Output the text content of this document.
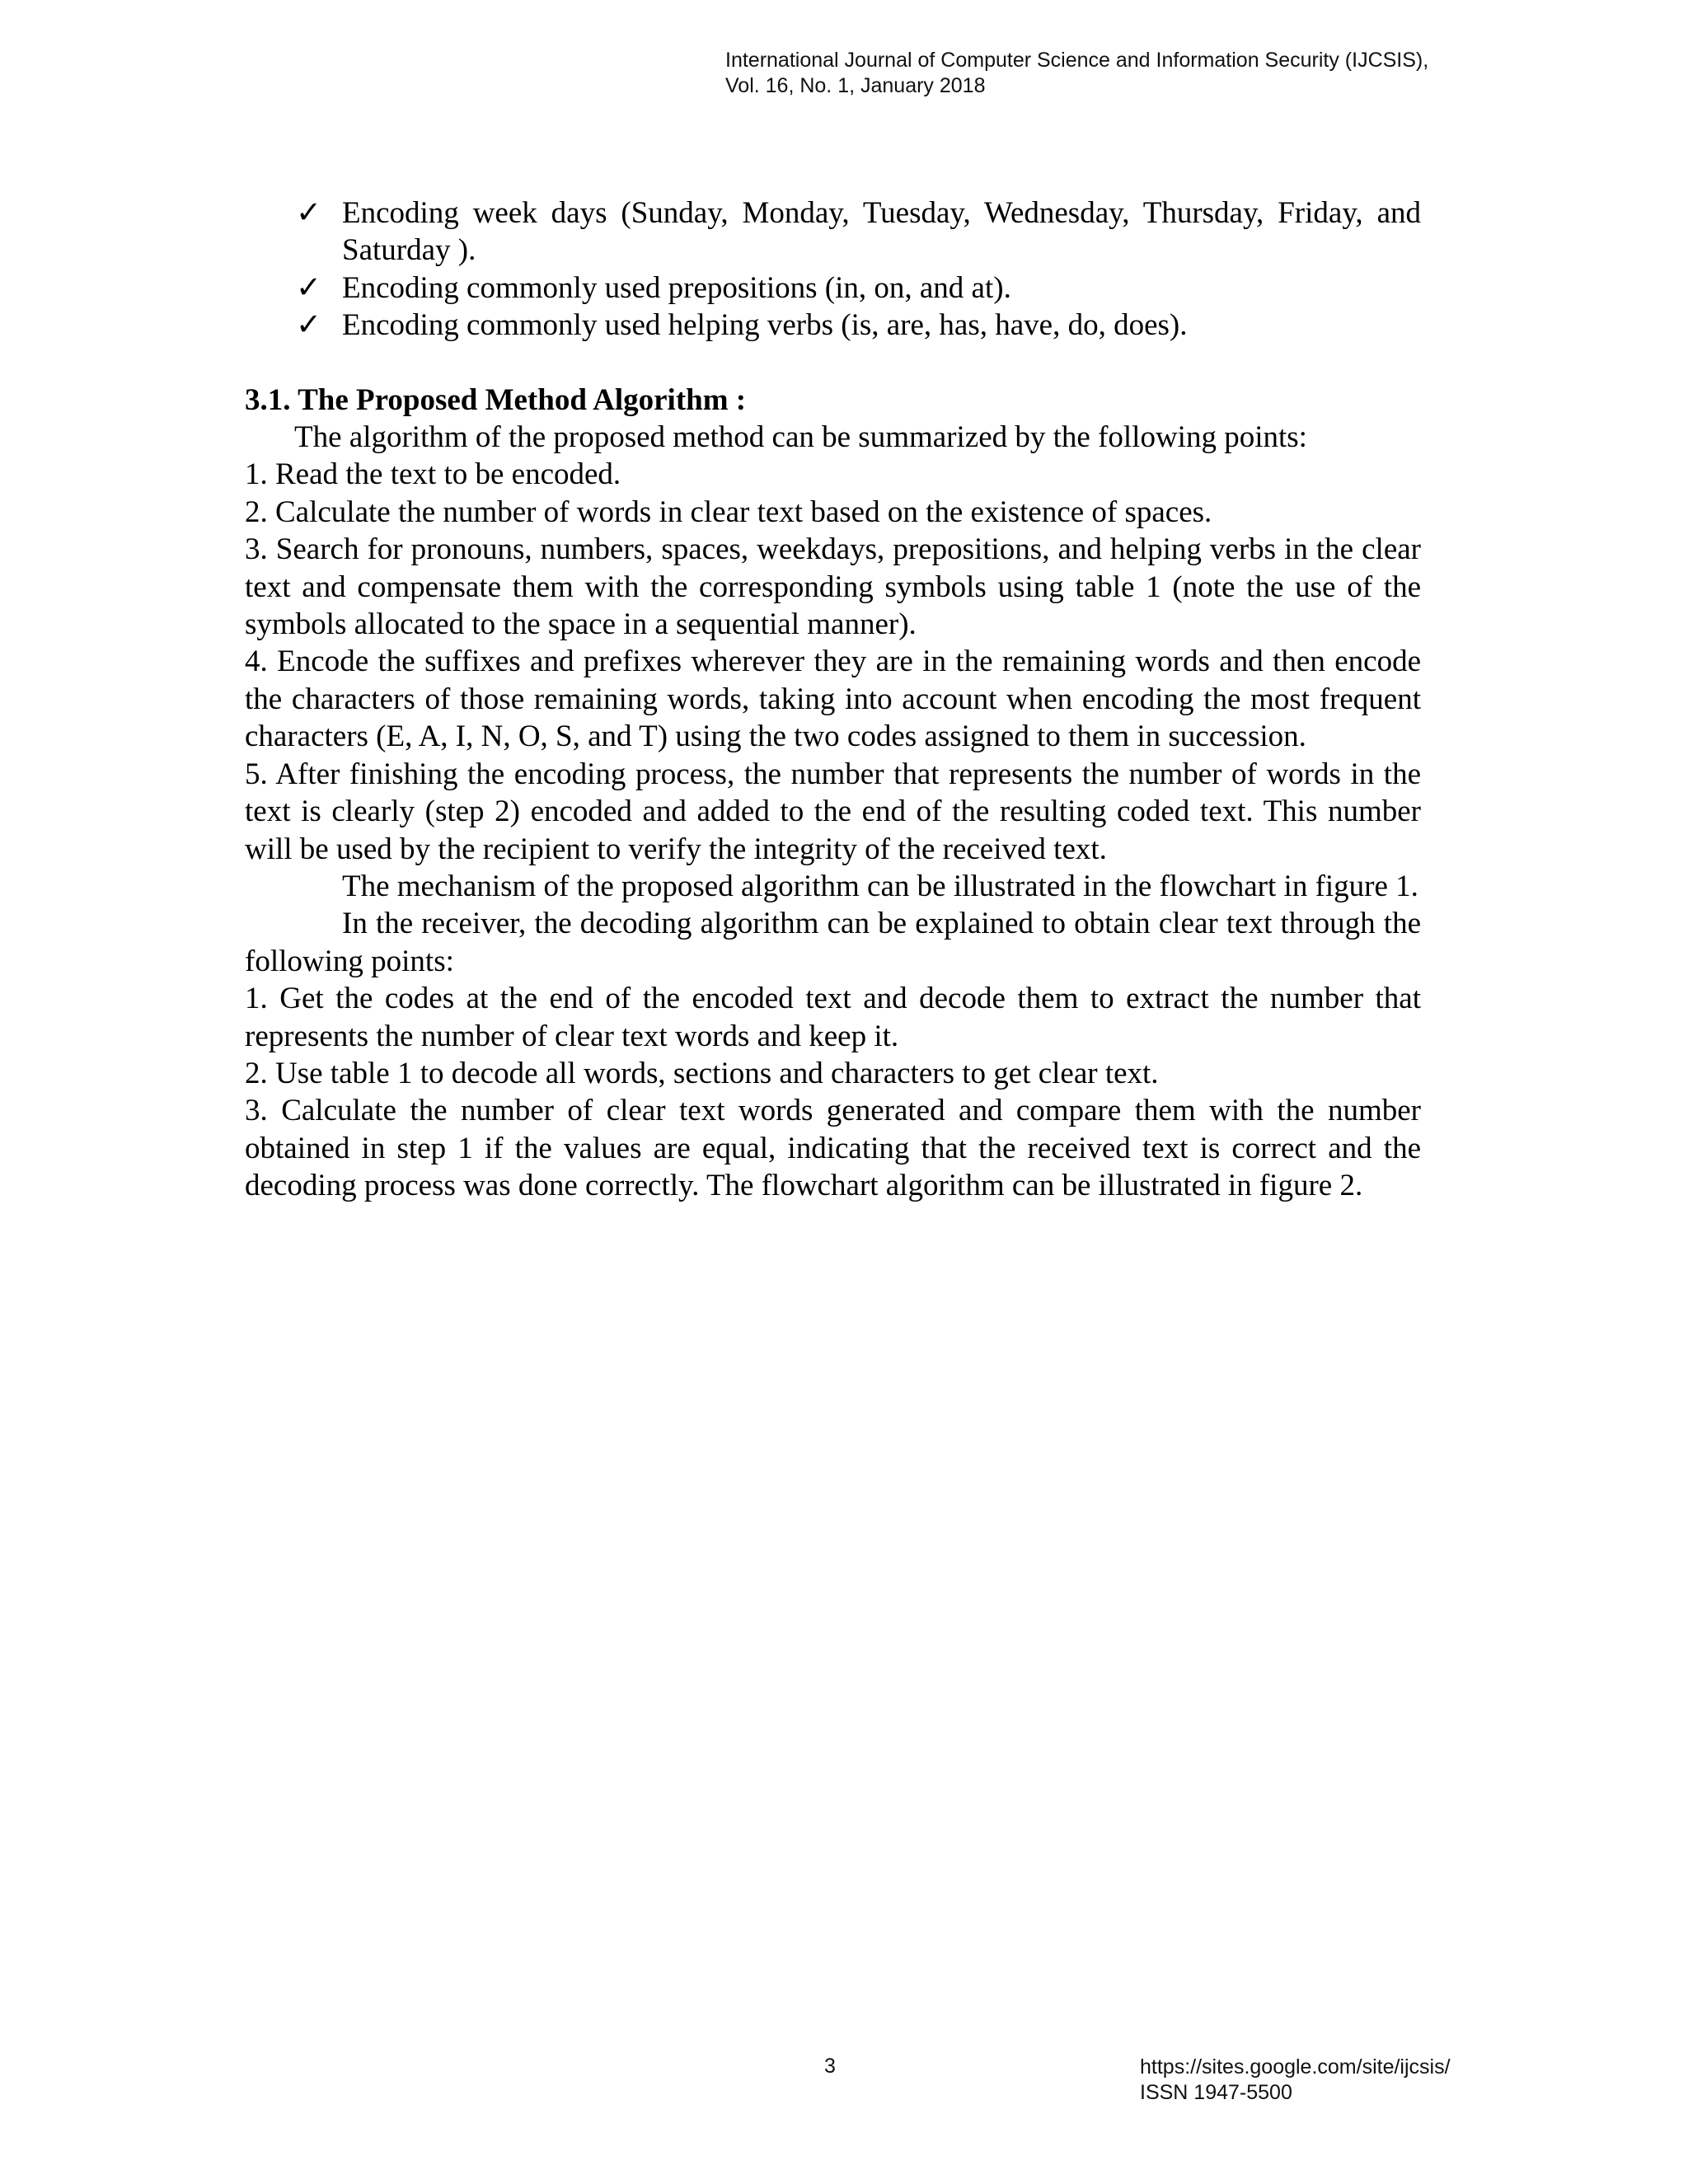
International Journal of Computer Science and Information Security (IJCSIS),
Vol. 16, No. 1, January 2018
✓ Encoding week days (Sunday, Monday, Tuesday, Wednesday, Thursday, Friday, and Saturday ).
✓ Encoding commonly used prepositions (in, on, and at).
✓ Encoding commonly used helping verbs (is, are, has, have, do, does).
3.1. The Proposed Method Algorithm :
The algorithm of the proposed method can be summarized by the following points:
1. Read the text to be encoded.
2. Calculate the number of words in clear text based on the existence of spaces.
3. Search for pronouns, numbers, spaces, weekdays, prepositions, and helping verbs in the clear text and compensate them with the corresponding symbols using table 1 (note the use of the symbols allocated to the space in a sequential manner).
4. Encode the suffixes and prefixes wherever they are in the remaining words and then encode the characters of those remaining words, taking into account when encoding the most frequent characters (E, A, I, N, O, S, and T) using the two codes assigned to them in succession.
5. After finishing the encoding process, the number that represents the number of words in the text is clearly (step 2) encoded and added to the end of the resulting coded text. This number will be used by the recipient to verify the integrity of the received text.
The mechanism of the proposed algorithm can be illustrated in the flowchart in figure 1.
In the receiver, the decoding algorithm can be explained to obtain clear text through the following points:
1. Get the codes at the end of the encoded text and decode them to extract the number that represents the number of clear text words and keep it.
2. Use table 1 to decode all words, sections and characters to get clear text.
3. Calculate the number of clear text words generated and compare them with the number obtained in step 1 if the values are equal, indicating that the received text is correct and the decoding process was done correctly. The flowchart algorithm can be illustrated in figure 2.
3	https://sites.google.com/site/ijcsis/
ISSN 1947-5500
